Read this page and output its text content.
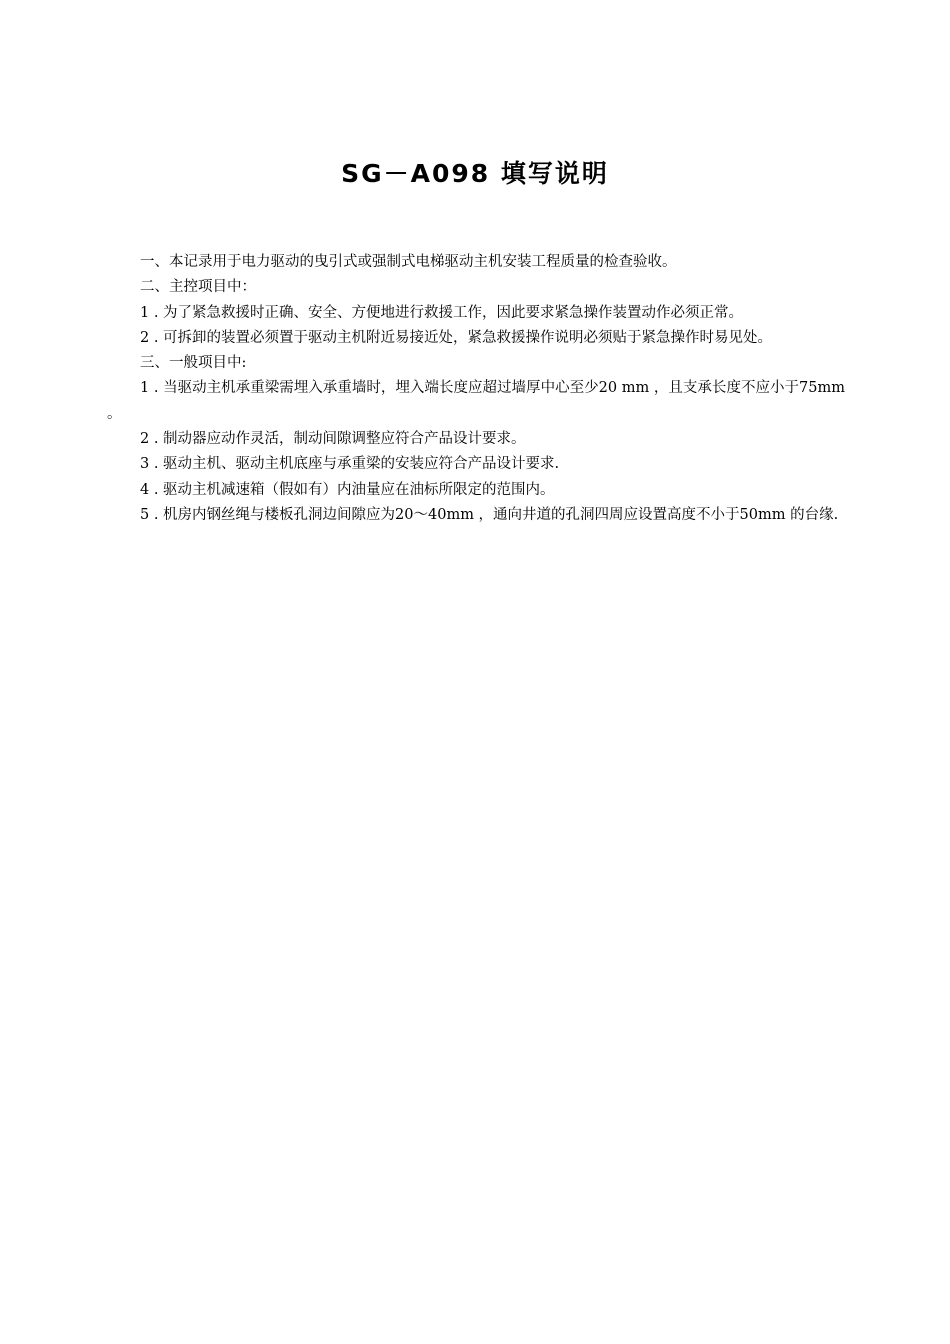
SG－A098 填写说明

一、本记录用于电力驱动的曳引式或强制式电梯驱动主机安装工程质量的检查验收。

二、主控项目中：

1 . 为了紧急救援时正确、安全、方便地进行救援工作，因此要求紧急操作装置动作必须正常。

2 . 可拆卸的装置必须置于驱动主机附近易接近处，紧急救援操作说明必须贴于紧急操作时易见处。

三、一般项目中:

1 . 当驱动主机承重梁需埋入承重墙时，埋入端长度应超过墙厚中心至少20 mm ，且支承长度不应小于75mm 。

2 . 制动器应动作灵活，制动间隙调整应符合产品设计要求。

3 . 驱动主机、驱动主机底座与承重梁的安装应符合产品设计要求.

4 . 驱动主机减速箱（假如有）内油量应在油标所限定的范围内。

5 . 机房内钢丝绳与楼板孔洞边间隙应为20～40mm ，通向井道的孔洞四周应设置高度不小于50mm 的台缘.
